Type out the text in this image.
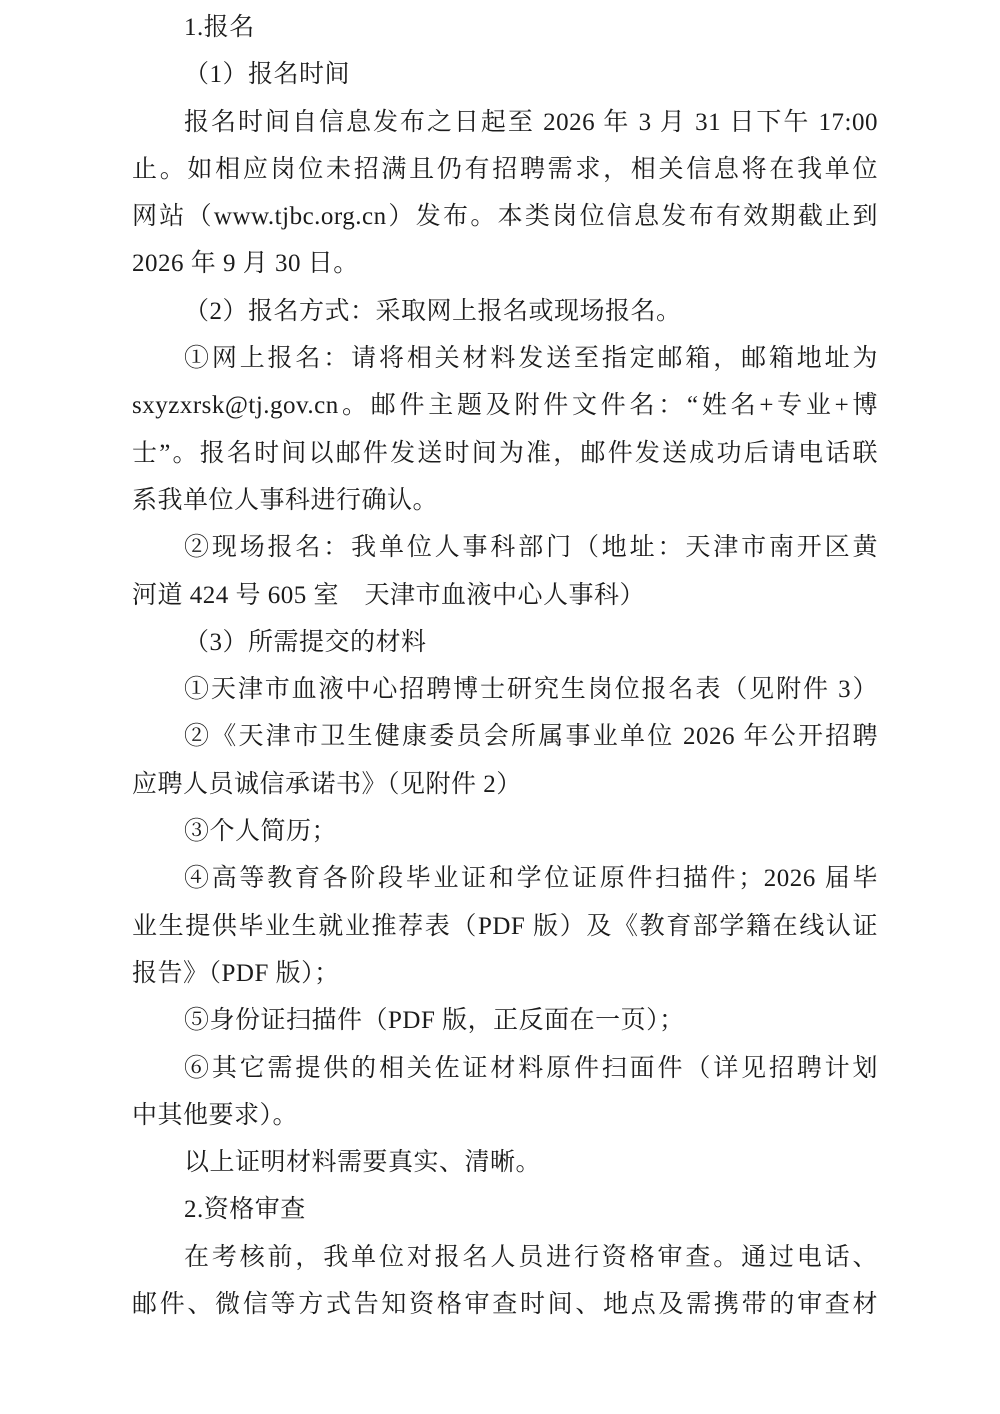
1.报名
（1）报名时间
报名时间自信息发布之日起至 2026 年 3 月 31 日下午 17:00
止。如相应岗位未招满且仍有招聘需求，相关信息将在我单位
网站（www.tjbc.org.cn）发布。本类岗位信息发布有效期截止到
2026 年 9 月 30 日。
（2）报名方式：采取网上报名或现场报名。
①网上报名：请将相关材料发送至指定邮箱，邮箱地址为
sxyzxrsk@tj.gov.cn。邮件主题及附件文件名：“姓名+专业+博
士”。报名时间以邮件发送时间为准，邮件发送成功后请电话联
系我单位人事科进行确认。
②现场报名：我单位人事科部门（地址：天津市南开区黄
河道 424 号 605 室　天津市血液中心人事科）
（3）所需提交的材料
①天津市血液中心招聘博士研究生岗位报名表（见附件 3）
②《天津市卫生健康委员会所属事业单位 2026 年公开招聘
应聘人员诚信承诺书》（见附件 2）
③个人简历；
④高等教育各阶段毕业证和学位证原件扫描件；2026 届毕
业生提供毕业生就业推荐表（PDF 版）及《教育部学籍在线认证
报告》（PDF 版）；
⑤身份证扫描件（PDF 版，正反面在一页）；
⑥其它需提供的相关佐证材料原件扫面件（详见招聘计划
中其他要求）。
以上证明材料需要真实、清晰。
2.资格审查
在考核前，我单位对报名人员进行资格审查。通过电话、
邮件、微信等方式告知资格审查时间、地点及需携带的审查材
